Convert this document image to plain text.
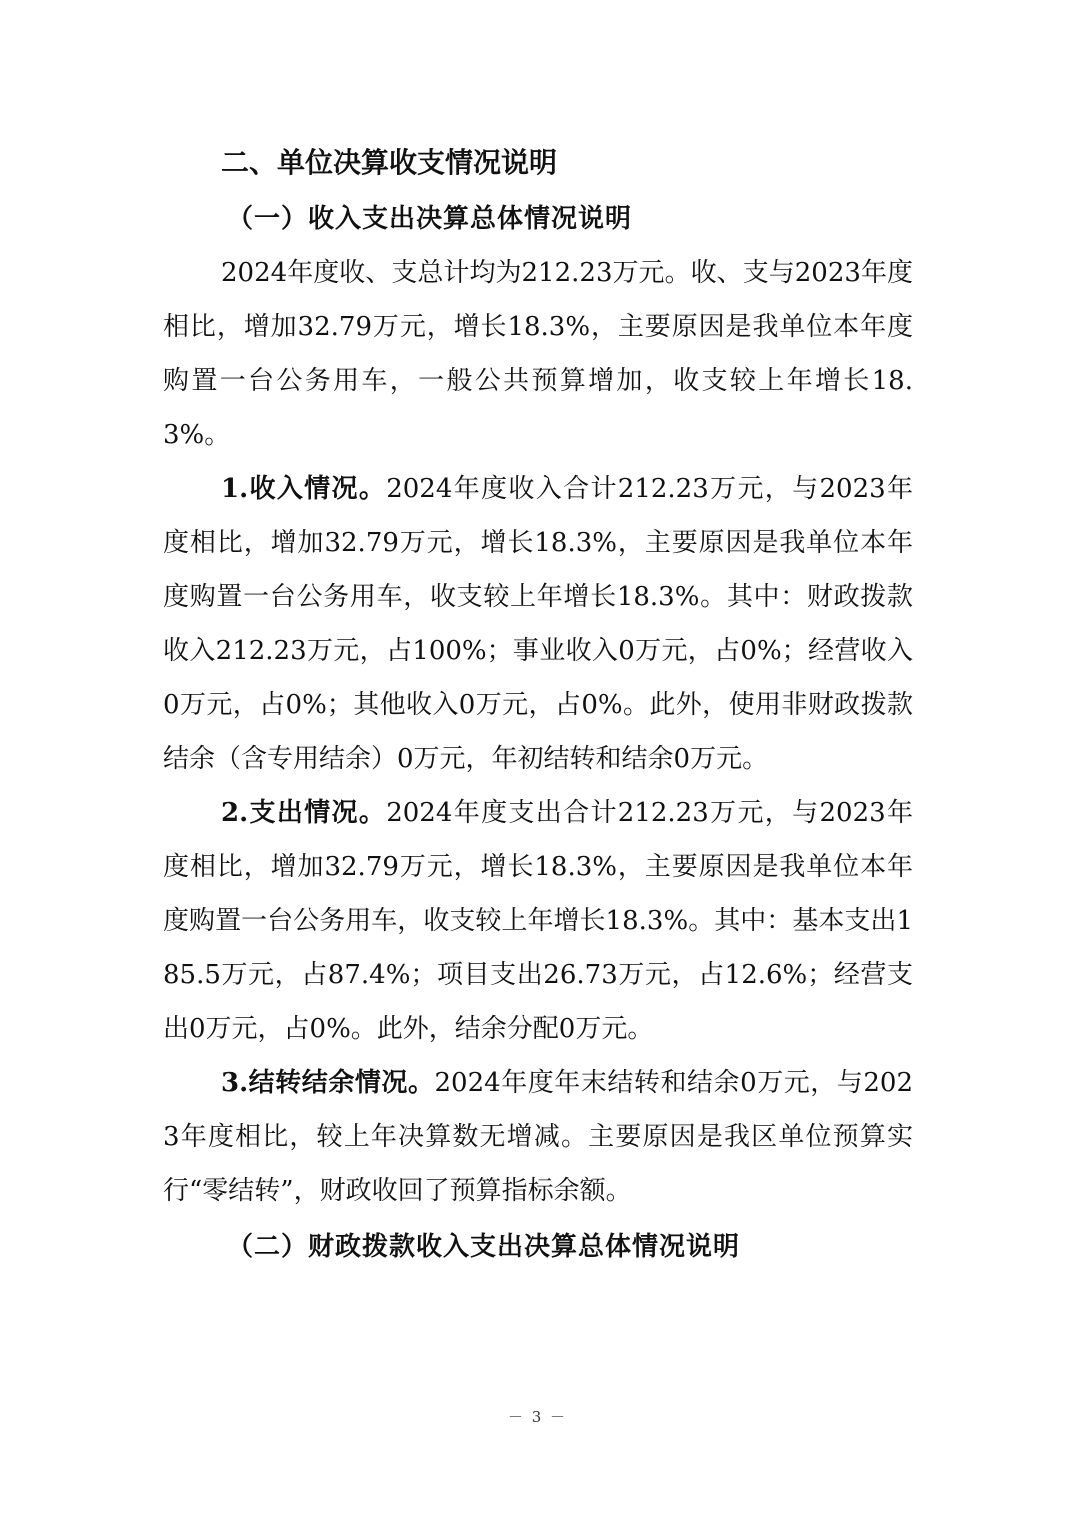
二、单位决算收支情况说明
（一）收入支出决算总体情况说明

2024年度收、支总计均为212.23万元。收、支与2023年度相比，增加32.79万元，增长18.3%，主要原因是我单位本年度购置一台公务用车，一般公共预算增加，收支较上年增长18.3%。

1.收入情况。2024年度收入合计212.23万元，与2023年度相比，增加32.79万元，增长18.3%，主要原因是我单位本年度购置一台公务用车，收支较上年增长18.3%。其中：财政拨款收入212.23万元，占100%；事业收入0万元，占0%；经营收入0万元，占0%；其他收入0万元，占0%。此外，使用非财政拨款结余（含专用结余）0万元，年初结转和结余0万元。

2.支出情况。2024年度支出合计212.23万元，与2023年度相比，增加32.79万元，增长18.3%，主要原因是我单位本年度购置一台公务用车，收支较上年增长18.3%。其中：基本支出185.5万元，占87.4%；项目支出26.73万元，占12.6%；经营支出0万元，占0%。此外，结余分配0万元。

3.结转结余情况。2024年度年末结转和结余0万元，与2023年度相比，较上年决算数无增减。主要原因是我区单位预算实行“零结转”，财政收回了预算指标余额。

（二）财政拨款收入支出决算总体情况说明
－ 3 －
